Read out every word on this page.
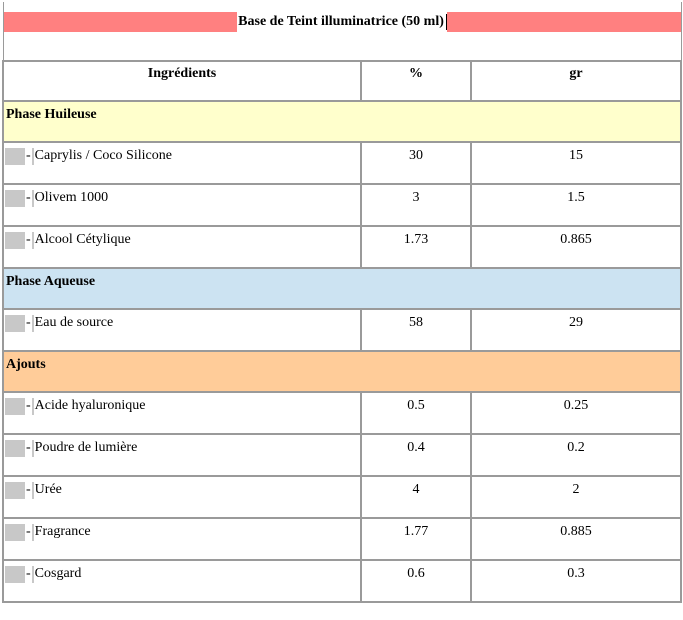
Base de Teint illuminatrice (50 ml)		

Ingrédients	%	gr
Phase Huileuse		

- Caprylis / Coco Silicone	30	15

- Olivem 1000	3	1.5

- Alcool Cétylique	1.73	0.865
Phase Aqueuse		

- Eau de source	58	29
Ajouts		

- Acide hyaluronique	0.5	0.25

- Poudre de lumière	0.4	0.2

- Urée	4	2

- Fragrance	1.77	0.885

- Cosgard	0.6	0.3
